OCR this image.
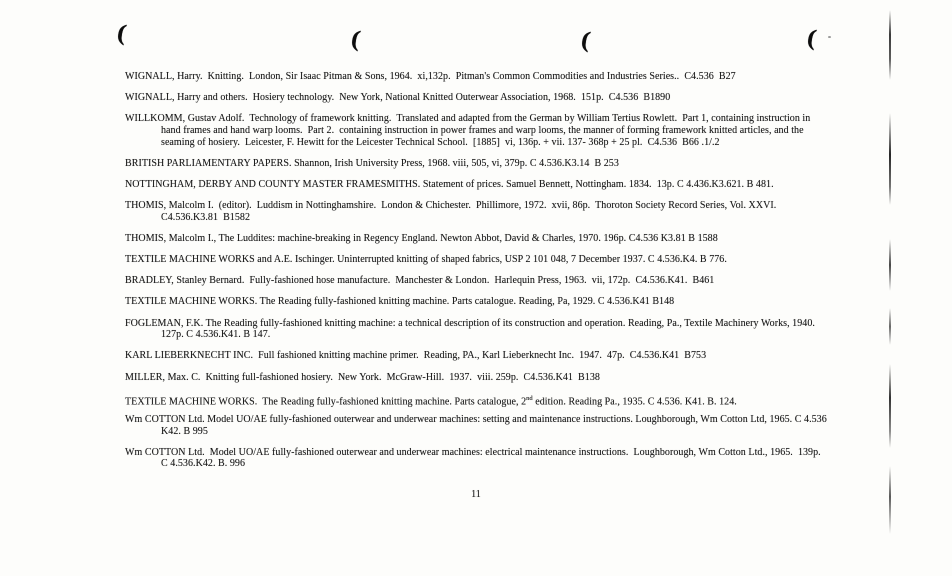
(	(	(	(
WIGNALL, Harry.  Knitting.  London, Sir Isaac Pitman & Sons, 1964.  xi,132p.  Pitman's Common Commodities and Industries Series..  C4.536  B27
WIGNALL, Harry and others.  Hosiery technology.  New York, National Knitted Outerwear Association, 1968.  151p.  C4.536  B1890
WILLKOMM, Gustav Adolf.  Technology of framework knitting.  Translated and adapted from the German by William Tertius Rowlett.  Part 1, containing instruction in
hand frames and hand warp looms.  Part 2.  containing instruction in power frames and warp looms, the manner of forming framework knitted articles, and the
seaming of hosiery.  Leicester, F. Hewitt for the Leicester Technical School.  [1885]  vi, 136p. + vii. 137- 368p + 25 pl.  C4.536  B66 .1/.2
BRITISH PARLIAMENTARY PAPERS. Shannon, Irish University Press, 1968. viii, 505, vi, 379p. C 4.536.K3.14  B 253
NOTTINGHAM, DERBY AND COUNTY MASTER FRAMESMITHS. Statement of prices. Samuel Bennett, Nottingham. 1834.  13p. C 4.436.K3.621. B 481.
THOMIS, Malcolm I.  (editor).  Luddism in Nottinghamshire.  London & Chichester.  Phillimore, 1972.  xvii, 86p.  Thoroton Society Record Series, Vol. XXVI.
C4.536.K3.81  B1582
THOMIS, Malcolm I., The Luddites: machine-breaking in Regency England. Newton Abbot, David & Charles, 1970. 196p. C4.536 K3.81 B 1588
TEXTILE MACHINE WORKS and A.E. Ischinger. Uninterrupted knitting of shaped fabrics, USP 2 101 048, 7 December 1937. C 4.536.K4. B 776.
BRADLEY, Stanley Bernard.  Fully-fashioned hose manufacture.  Manchester & London.  Harlequin Press, 1963.  vii, 172p.  C4.536.K41.  B461
TEXTILE MACHINE WORKS. The Reading fully-fashioned knitting machine. Parts catalogue. Reading, Pa, 1929. C 4.536.K41 B148
FOGLEMAN, F.K. The Reading fully-fashioned knitting machine: a technical description of its construction and operation. Reading, Pa., Textile Machinery Works, 1940.
127p. C 4.536.K41. B 147.
KARL LIEBERKNECHT INC.  Full fashioned knitting machine primer.  Reading, PA., Karl Lieberknecht Inc.  1947.  47p.  C4.536.K41  B753
MILLER, Max. C.  Knitting full-fashioned hosiery.  New York.  McGraw-Hill.  1937.  viii. 259p.  C4.536.K41  B138
TEXTILE MACHINE WORKS.  The Reading fully-fashioned knitting machine. Parts catalogue, 2nd edition. Reading Pa., 1935. C 4.536. K41. B. 124.
Wm COTTON Ltd. Model UO/AE fully-fashioned outerwear and underwear machines: setting and maintenance instructions. Loughborough, Wm Cotton Ltd, 1965. C 4.536
K42. B 995
Wm COTTON Ltd.  Model UO/AE fully-fashioned outerwear and underwear machines: electrical maintenance instructions.  Loughborough, Wm Cotton Ltd., 1965.  139p.
C 4.536.K42. B. 996
11
